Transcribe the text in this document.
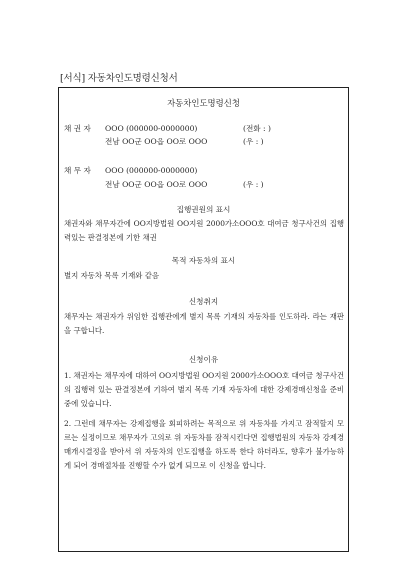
[서식] 자동차인도명령신청서
자동차인도명령신청
채 권 자 OOO (000000-0000000)	(전화 : )
전남 OO군 OO읍 OO로 OOO	(우 : )
채 무 자 OOO (000000-0000000)
전남 OO군 OO읍 OO로 OOO	(우 : )
집행권원의 표시
채권자와 채무자간에 OO지방법원 OO지원 2000가소OOO호 대여금 청구사건의 집행력있는 판결정본에 기한 채권
목적 자동차의 표시
별지 자동차 목록 기재와 같음
신청취지
채무자는 채권자가 위임한 집행관에게 별지 목록 기재의 자동차를 인도하라. 라는 재판을 구합니다.
신청이유
1. 채권자는 채무자에 대하여 OO지방법원 OO지원 2000가소OOO호 대여금 청구사건의 집행력 있는 판결정본에 기하여 별지 목록 기재 자동차에 대한 강제경매신청을 준비 중에 있습니다.
2. 그런데 채무자는 강제집행을 회피하려는 목적으로 위 자동차를 가지고 잠적할지 모르는 실정이므로 채무자가 고의로 위 자동차를 잠적시킨다면 집행법원의 자동차 강제경매개시결정을 받아서 위 자동차의 인도집행을 하도록 한다 하더라도, 향후가 불가능하게 되어 경매절차를 진행할 수가 없게 되므로 이 신청을 합니다.
